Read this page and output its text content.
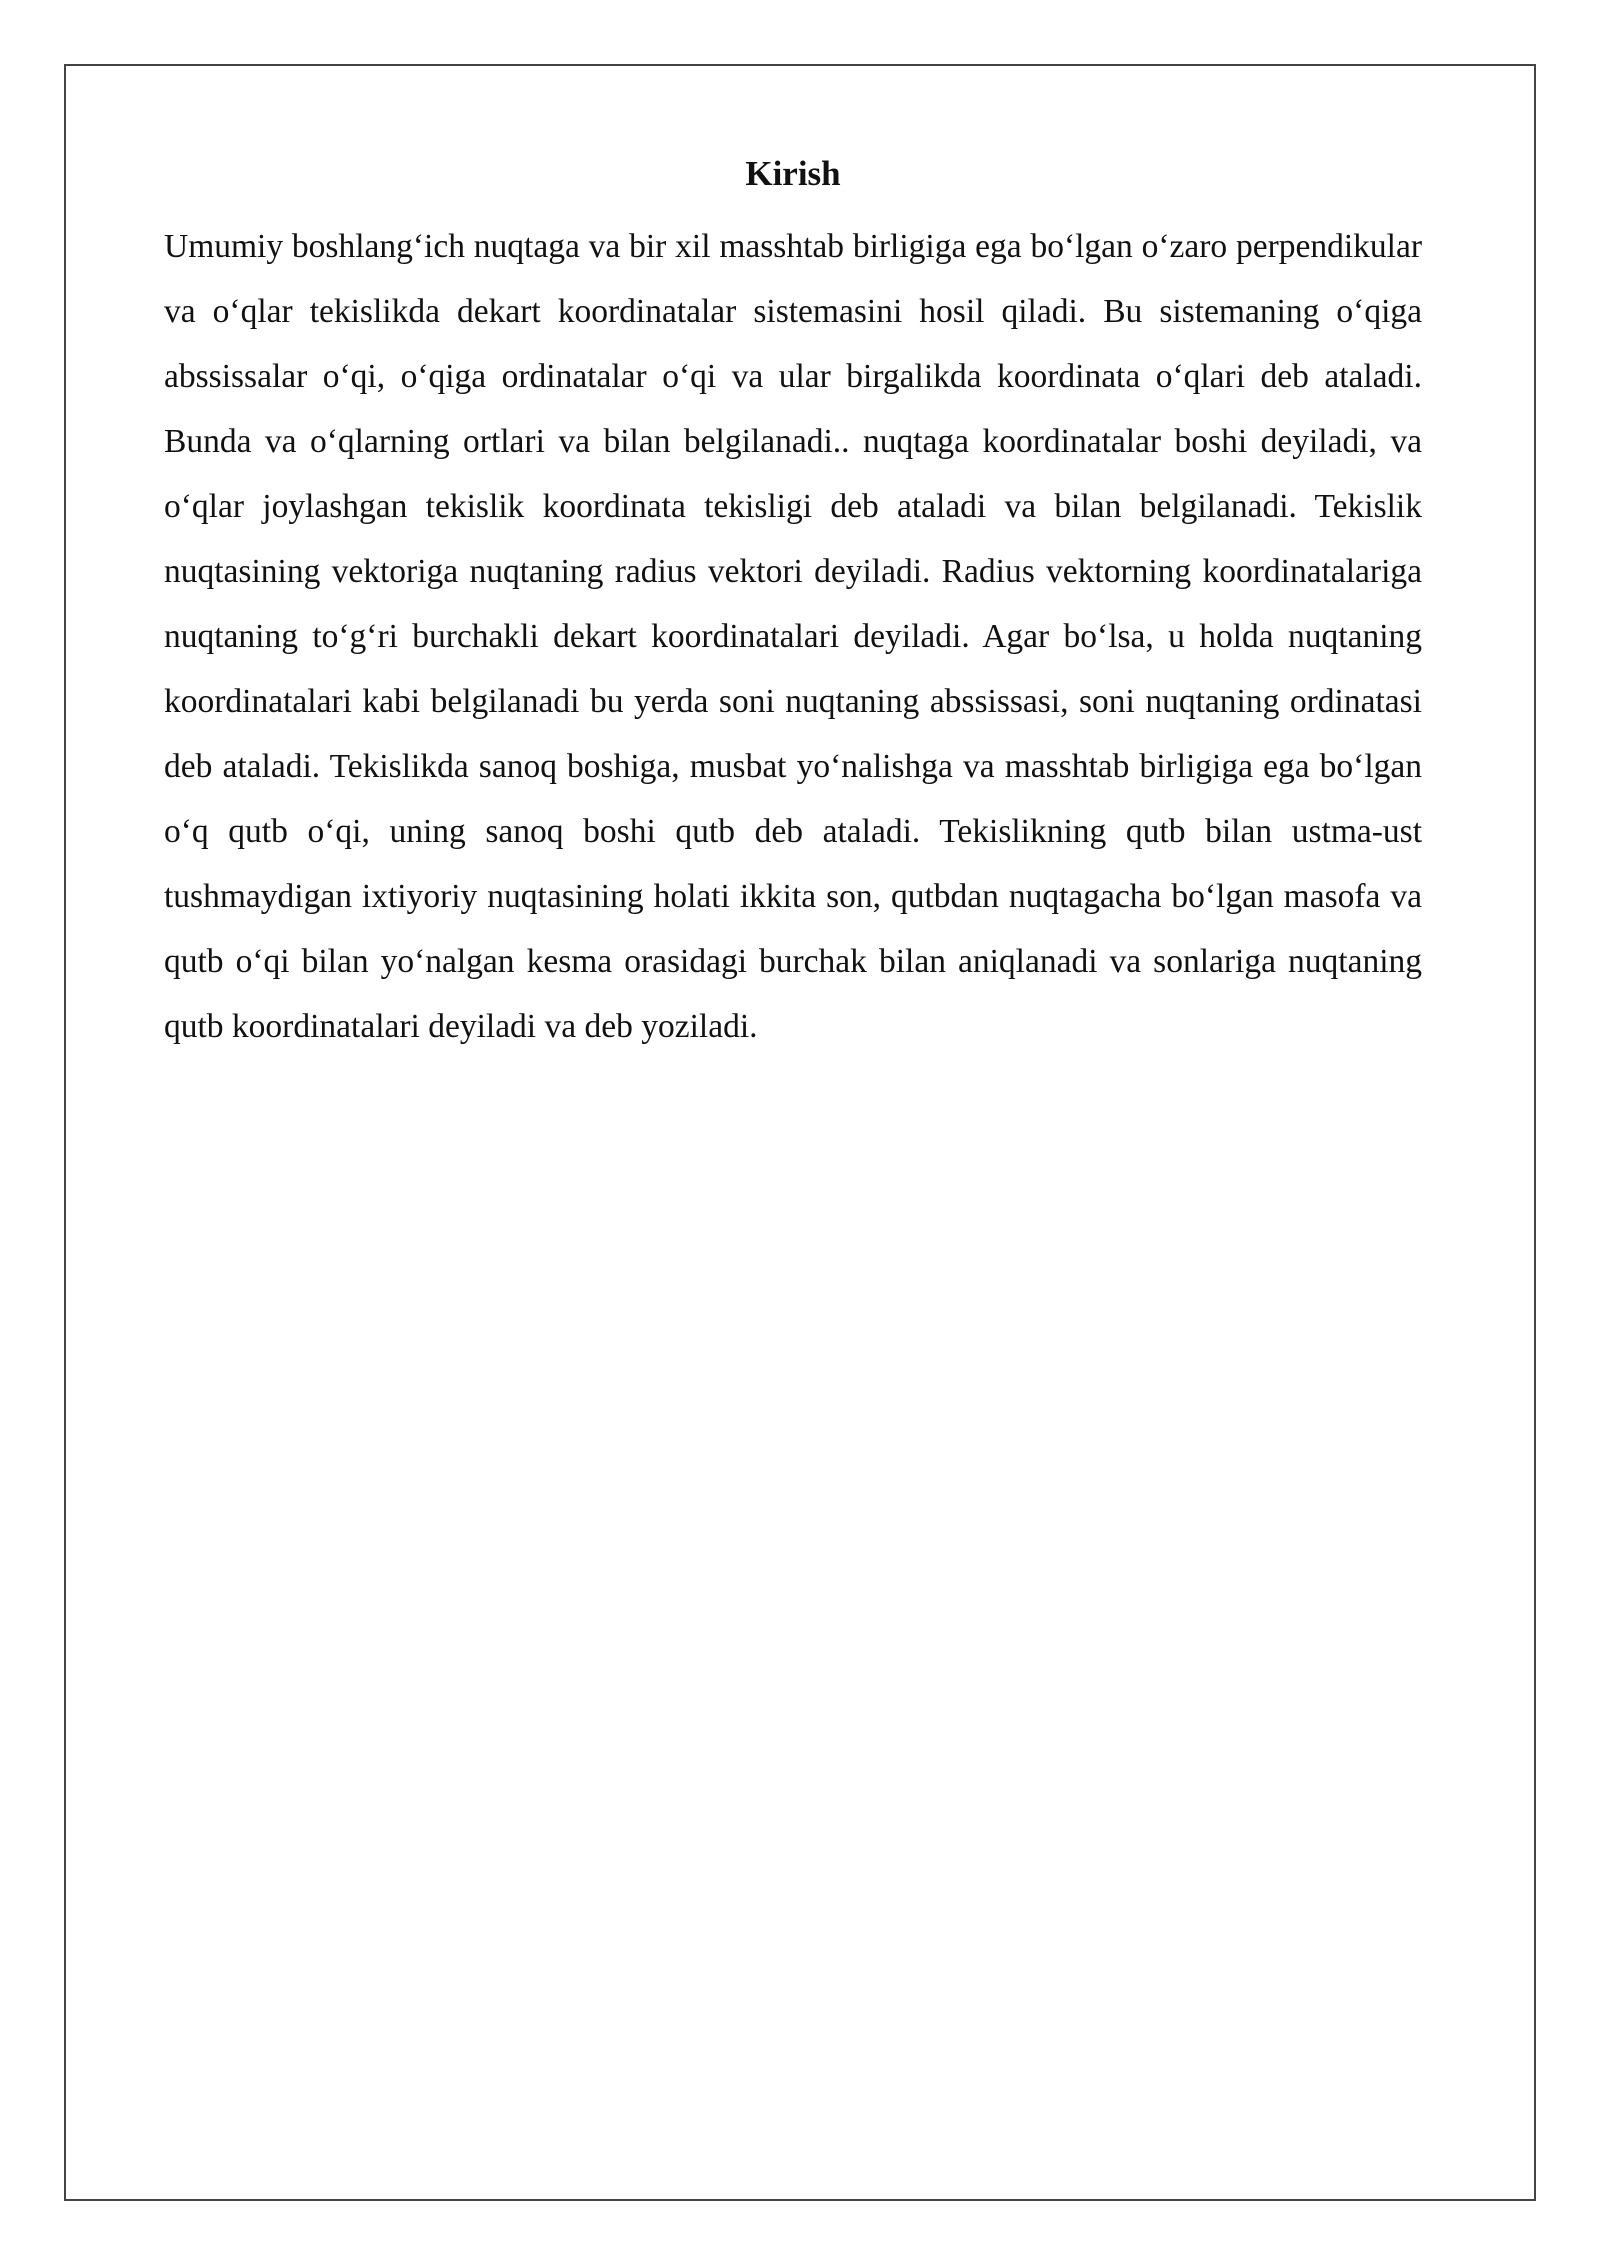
Kirish

Umumiy boshlang‘ich nuqtaga va bir xil masshtab birligiga ega bo‘lgan o‘zaro perpendikular va o‘qlar tekislikda dekart koordinatalar sistemasini hosil qiladi. Bu sistemaning o‘qiga abssissalar o‘qi, o‘qiga ordinatalar o‘qi va ular birgalikda koordinata o‘qlari deb ataladi. Bunda va o‘qlarning ortlari va bilan belgilanadi.. nuqtaga koordinatalar boshi deyiladi, va o‘qlar joylashgan tekislik koordinata tekisligi deb ataladi va bilan belgilanadi. Tekislik nuqtasining vektoriga nuqtaning radius vektori deyiladi. Radius vektorning koordinatalariga nuqtaning to‘g‘ri burchakli dekart koordinatalari deyiladi. Agar bo‘lsa, u holda nuqtaning koordinatalari kabi belgilanadi bu yerda soni nuqtaning abssissasi, soni nuqtaning ordinatasi deb ataladi. Tekislikda sanoq boshiga, musbat yo‘nalishga va masshtab birligiga ega bo‘lgan o‘q qutb o‘qi, uning sanoq boshi qutb deb ataladi. Tekislikning qutb bilan ustma-ust tushmaydigan ixtiyoriy nuqtasining holati ikkita son, qutbdan nuqtagacha bo‘lgan masofa va qutb o‘qi bilan yo‘nalgan kesma orasidagi burchak bilan aniqlanadi va sonlariga nuqtaning qutb koordinatalari deyiladi va deb yoziladi.
